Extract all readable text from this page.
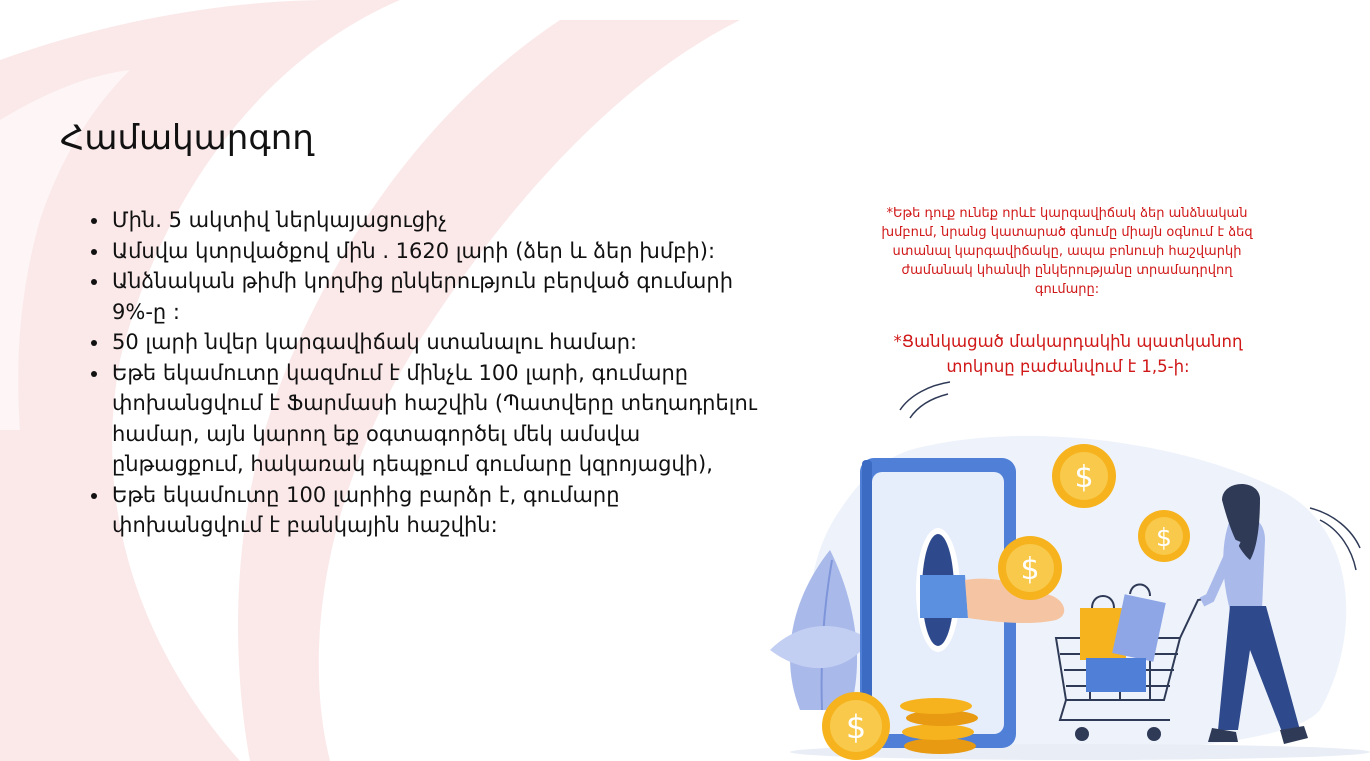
Համակարգող
• Մին. 5 ակտիվ ներկայացուցիչ
• Ամսվա կտրվածքով մին . 1620 լարի (ձեր և ձեր խմբի):
• Անձնական թիմի կողմից ընկերություն բերված գումարի 9%-ը :
• 50 լարի նվեր կարգավիճակ ստանալու համար:
• Եթե եկամուտը կազմում է մինչև 100 լարի, գումարը փոխանցվում է Ֆարմասի հաշվին (Պատվերը տեղադրելու համար, այն կարող եք օգտագործել մեկ ամսվա ընթացքում, հակառակ դեպքում գումարը կզրոյացվի),
• Եթե եկամուտը 100 լարիից բարձր է, գումարը փոխանցվում է բանկային հաշվին:
*Եթե դուք ունեք որևէ կարգավիճակ ձեր անձնական խմբում, նրանց կատարած գնումը միայն օգնում է ձեզ ստանալ կարգավիճակը, ապա բոնուսի հաշվարկի ժամանակ կհանվի ընկերությանը տրամադրվող գումարը:
*Ցանկացած մակարդակին պատկանող տոկոսը բաժանվում է 1,5-ի:
$
$
$
$
